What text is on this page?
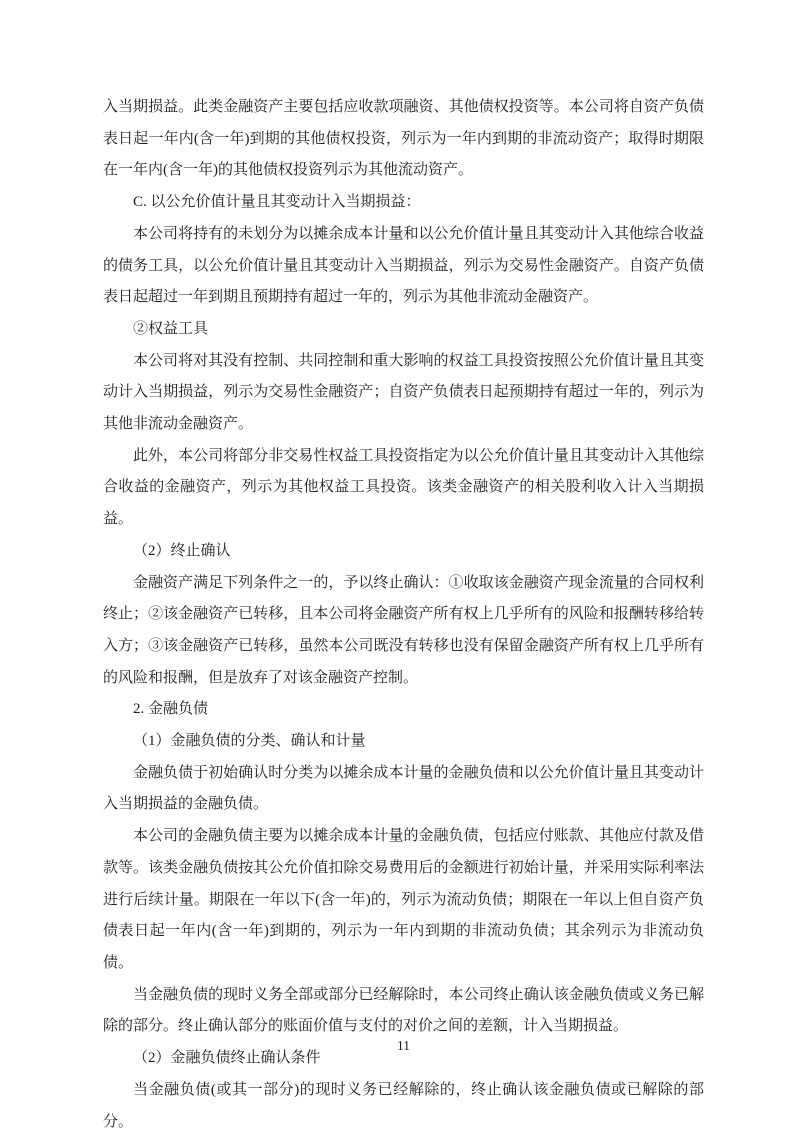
入当期损益。此类金融资产主要包括应收款项融资、其他债权投资等。本公司将自资产负债表日起一年内(含一年)到期的其他债权投资，列示为一年内到期的非流动资产；取得时期限在一年内(含一年)的其他债权投资列示为其他流动资产。

C. 以公允价值计量且其变动计入当期损益：

本公司将持有的未划分为以摊余成本计量和以公允价值计量且其变动计入其他综合收益的债务工具，以公允价值计量且其变动计入当期损益，列示为交易性金融资产。自资产负债表日起超过一年到期且预期持有超过一年的，列示为其他非流动金融资产。

②权益工具

本公司将对其没有控制、共同控制和重大影响的权益工具投资按照公允价值计量且其变动计入当期损益，列示为交易性金融资产；自资产负债表日起预期持有超过一年的，列示为其他非流动金融资产。

此外，本公司将部分非交易性权益工具投资指定为以公允价值计量且其变动计入其他综合收益的金融资产，列示为其他权益工具投资。该类金融资产的相关股利收入计入当期损益。

（2）终止确认

金融资产满足下列条件之一的，予以终止确认：①收取该金融资产现金流量的合同权利终止；②该金融资产已转移，且本公司将金融资产所有权上几乎所有的风险和报酬转移给转入方；③该金融资产已转移，虽然本公司既没有转移也没有保留金融资产所有权上几乎所有的风险和报酬，但是放弃了对该金融资产控制。

2. 金融负债

（1）金融负债的分类、确认和计量

金融负债于初始确认时分类为以摊余成本计量的金融负债和以公允价值计量且其变动计入当期损益的金融负债。

本公司的金融负债主要为以摊余成本计量的金融负债，包括应付账款、其他应付款及借款等。该类金融负债按其公允价值扣除交易费用后的金额进行初始计量，并采用实际利率法进行后续计量。期限在一年以下(含一年)的，列示为流动负债；期限在一年以上但自资产负债表日起一年内(含一年)到期的，列示为一年内到期的非流动负债；其余列示为非流动负债。

当金融负债的现时义务全部或部分已经解除时，本公司终止确认该金融负债或义务已解除的部分。终止确认部分的账面价值与支付的对价之间的差额，计入当期损益。

（2）金融负债终止确认条件

当金融负债(或其一部分)的现时义务已经解除的，终止确认该金融负债或已解除的部分。

11
